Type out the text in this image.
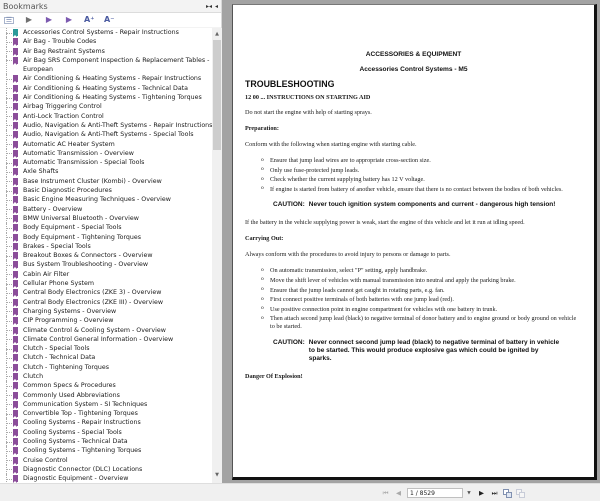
Bookmarks	▸◂ ◂
☰ ▶ ▶ ▶ A⁺ A⁻
Accessories Control Systems - Repair Instructions
Air Bag - Trouble Codes
Air Bag Restraint Systems
Air Bag SRS Component Inspection & Replacement Tables - European
Air Conditioning & Heating Systems - Repair Instructions
Air Conditioning & Heating Systems - Technical Data
Air Conditioning & Heating Systems - Tightening Torques
Airbag Triggering Control
Anti-Lock Traction Control
Audio, Navigation & Anti-Theft Systems - Repair Instructions
Audio, Navigation & Anti-Theft Systems - Special Tools
Automatic AC Heater System
Automatic Transmission - Overview
Automatic Transmission - Special Tools
Axle Shafts
Base Instrument Cluster (Kombi) - Overview
Basic Diagnostic Procedures
Basic Engine Measuring Techniques - Overview
Battery - Overview
BMW Universal Bluetooth - Overview
Body Equipment - Special Tools
Body Equipment - Tightening Torques
Brakes - Special Tools
Breakout Boxes & Connectors - Overview
Bus System Troubleshooting - Overview
Cabin Air Filter
Cellular Phone System
Central Body Electronics (ZKE 3) - Overview
Central Body Electronics (ZKE III) - Overview
Charging Systems - Overview
CIP Programming - Overview
Climate Control & Cooling System - Overview
Climate Control General Information - Overview
Clutch - Special Tools
Clutch - Technical Data
Clutch - Tightening Torques
Clutch
Common Specs & Procedures
Commonly Used Abbreviations
Communication System - SI Techniques
Convertible Top - Tightening Torques
Cooling Systems - Repair Instructions
Cooling Systems - Special Tools
Cooling Systems - Technical Data
Cooling Systems - Tightening Torques
Cruise Control
Diagnostic Connector (DLC) Locations
Diagnostic Equipment - Overview
▲
▼
ACCESSORIES & EQUIPMENT
Accessories Control Systems - M5
TROUBLESHOOTING
12 00 ... INSTRUCTIONS ON STARTING AID
Do not start the engine with help of starting sprays.
Preparation:
Conform with the following when starting engine with starting cable.
o Ensure that jump lead wires are to appropriate cross-section size.
o Only use fuse-protected jump leads.
o Check whether the current supplying battery has 12 V voltage.
o If engine is started from battery of another vehicle, ensure that there is no contact between the bodies of both vehicles.
CAUTION: Never touch ignition system components and current - dangerous high tension!
If the battery in the vehicle supplying power is weak, start the engine of this vehicle and let it run at idling speed.
Carrying Out:
Always conform with the procedures to avoid injury to persons or damage to parts.
o On automatic transmission, select "P" setting, apply handbrake.
o Move the shift lever of vehicles with manual transmission into neutral and apply the parking brake.
o Ensure that the jump leads cannot get caught in rotating parts, e.g. fan.
o First connect positive terminals of both batteries with one jump lead (red).
o Use positive connection point in engine compartment for vehicles with one battery in trunk.
o Then attach second jump lead (black) to negative terminal of donor battery and to engine ground or body ground on vehicle to be started.
CAUTION: Never connect second jump lead (black) to negative terminal of battery in vehicle to be started. This would produce explosive gas which could be ignited by sparks.
Danger Of Explosion!
⏮	◀
1 / 8529	▼	▶	⏭
